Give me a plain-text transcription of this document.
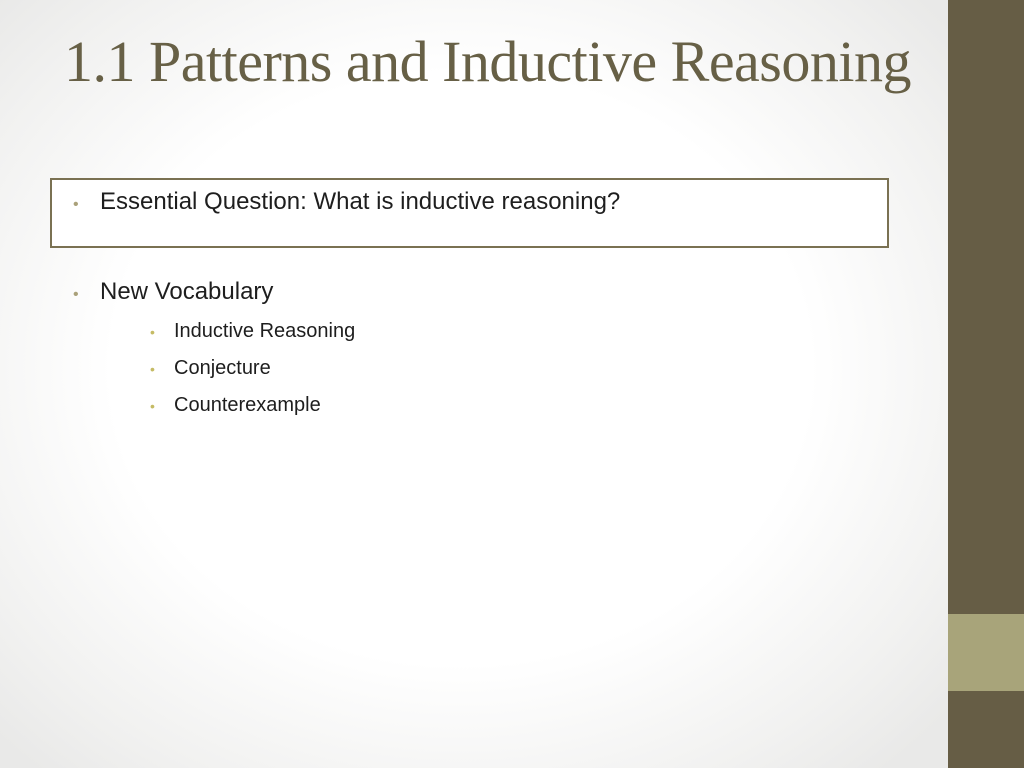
1.1 Patterns and Inductive Reasoning
• Essential Question: What is inductive reasoning?
• New Vocabulary
• Inductive Reasoning
• Conjecture
• Counterexample
